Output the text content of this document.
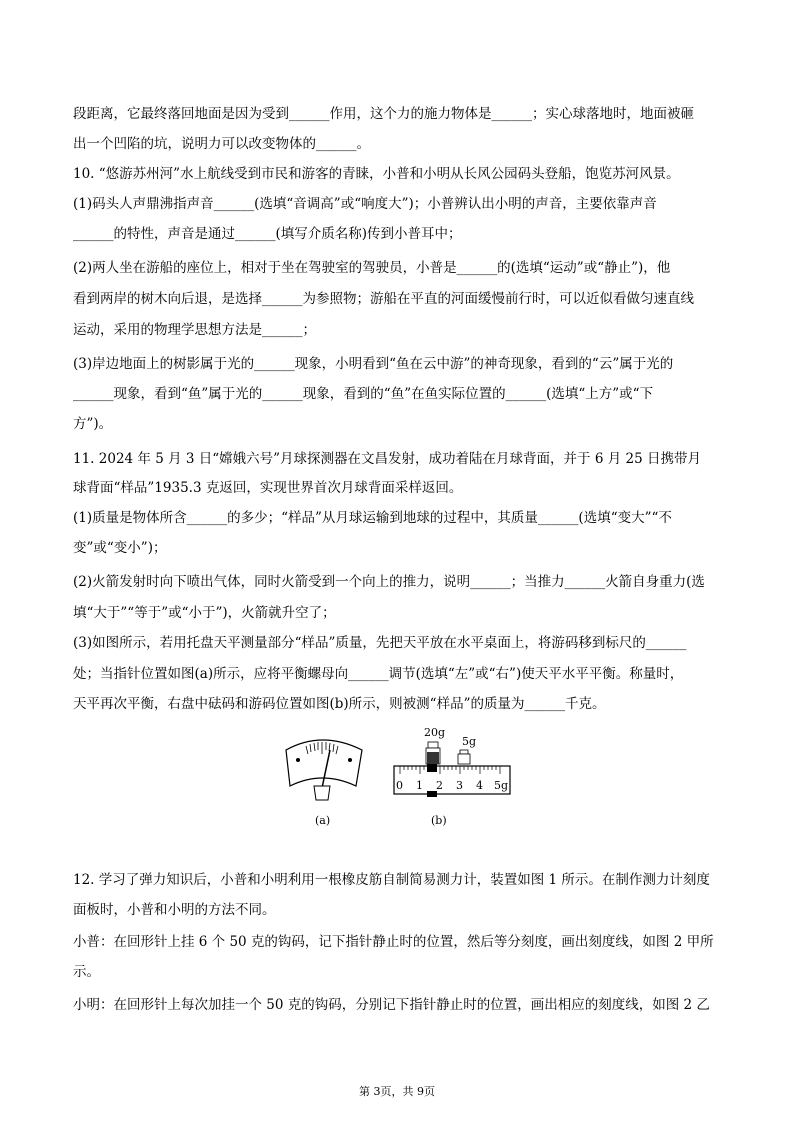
段距离，它最终落回地面是因为受到______作用，这个力的施力物体是______；实心球落地时，地面被砸
出一个凹陷的坑，说明力可以改变物体的______。
10. “悠游苏州河”水上航线受到市民和游客的青睐，小普和小明从长风公园码头登船，饱览苏河风景。
(1)码头人声鼎沸指声音______(选填“音调高”或“响度大”)；小普辨认出小明的声音，主要依靠声音
______的特性，声音是通过______(填写介质名称)传到小普耳中；
(2)两人坐在游船的座位上，相对于坐在驾驶室的驾驶员，小普是______的(选填“运动”或“静止”)，他
看到两岸的树木向后退，是选择______为参照物；游船在平直的河面缓慢前行时，可以近似看做匀速直线
运动，采用的物理学思想方法是______；
(3)岸边地面上的树影属于光的______现象，小明看到“鱼在云中游”的神奇现象，看到的“云”属于光的
______现象，看到“鱼”属于光的______现象，看到的“鱼”在鱼实际位置的______(选填“上方”或“下
方”)。
11. 2024 年 5 月 3 日“嫦娥六号”月球探测器在文昌发射，成功着陆在月球背面，并于 6 月 25 日携带月
球背面“样品”1935.3 克返回，实现世界首次月球背面采样返回。
(1)质量是物体所含______的多少；“样品”从月球运输到地球的过程中，其质量______(选填“变大”“不
变”或“变小”)；
(2)火箭发射时向下喷出气体，同时火箭受到一个向上的推力，说明______；当推力______火箭自身重力(选
填“大于”“等于”或“小于”)，火箭就升空了；
(3)如图所示，若用托盘天平测量部分“样品”质量，先把天平放在水平桌面上，将游码移到标尺的______
处；当指针位置如图(a)所示，应将平衡螺母向______调节(选填“左”或“右”)使天平水平平衡。称量时，
天平再次平衡，右盘中砝码和游码位置如图(b)所示，则被测“样品”的质量为______千克。
20g
5g
0 1 2 3 4 5g
(a)	(b)
12. 学习了弹力知识后，小普和小明利用一根橡皮筋自制简易测力计，装置如图 1 所示。在制作测力计刻度
面板时，小普和小明的方法不同。
小普：在回形针上挂 6 个 50 克的钩码，记下指针静止时的位置，然后等分刻度，画出刻度线，如图 2 甲所
示。
小明：在回形针上每次加挂一个 50 克的钩码，分别记下指针静止时的位置，画出相应的刻度线，如图 2 乙
第 3页，共 9页
